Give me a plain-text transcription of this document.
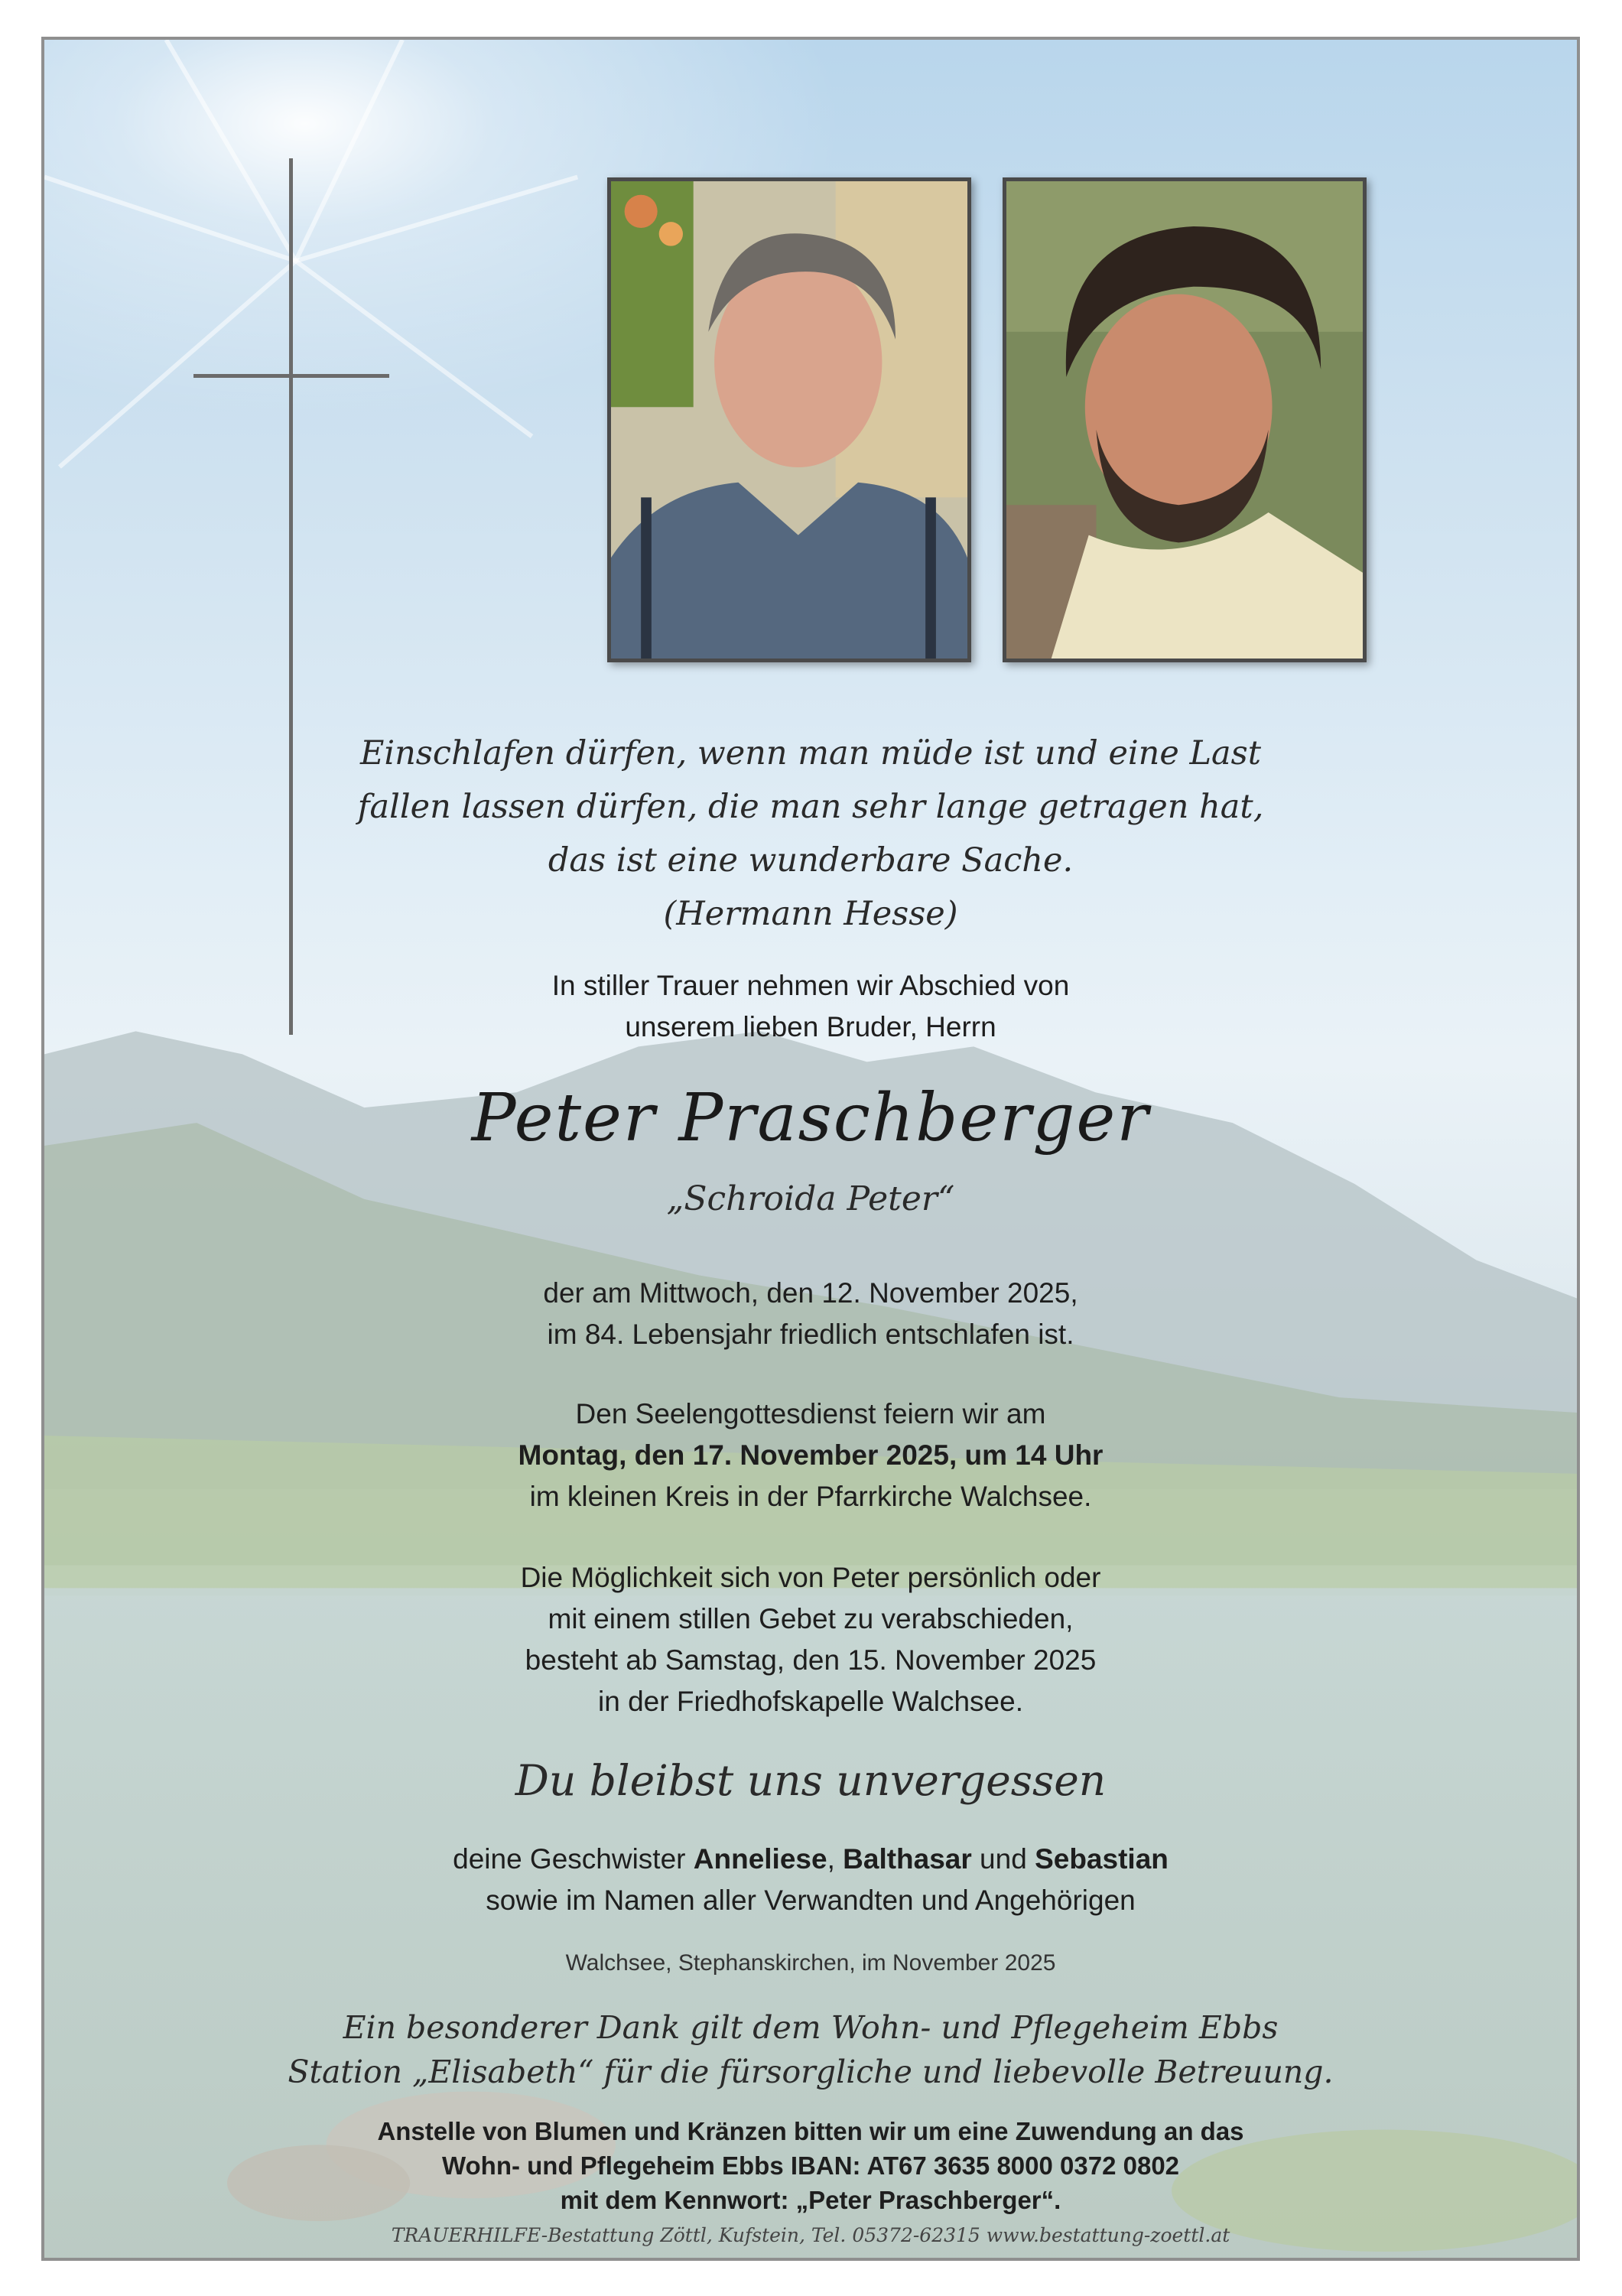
Einschlafen dürfen, wenn man müde ist und eine Last
fallen lassen dürfen, die man sehr lange getragen hat,
das ist eine wunderbare Sache.
(Hermann Hesse)
In stiller Trauer nehmen wir Abschied von
unserem lieben Bruder, Herrn
Peter Praschberger
„Schroida Peter“
der am Mittwoch, den 12. November 2025,
im 84. Lebensjahr friedlich entschlafen ist.
Den Seelengottesdienst feiern wir am
Montag, den 17. November 2025, um 14 Uhr
im kleinen Kreis in der Pfarrkirche Walchsee.
Die Möglichkeit sich von Peter persönlich oder
mit einem stillen Gebet zu verabschieden,
besteht ab Samstag, den 15. November 2025
in der Friedhofskapelle Walchsee.
Du bleibst uns unvergessen
deine Geschwister Anneliese, Balthasar und Sebastian
sowie im Namen aller Verwandten und Angehörigen
Walchsee, Stephanskirchen, im November 2025
Ein besonderer Dank gilt dem Wohn- und Pflegeheim Ebbs
Station „Elisabeth“ für die fürsorgliche und liebevolle Betreuung.
Anstelle von Blumen und Kränzen bitten wir um eine Zuwendung an das
Wohn- und Pflegeheim Ebbs IBAN: AT67 3635 8000 0372 0802
mit dem Kennwort: „Peter Praschberger“.
TRAUERHILFE-Bestattung Zöttl, Kufstein, Tel. 05372-62315 www.bestattung-zoettl.at
